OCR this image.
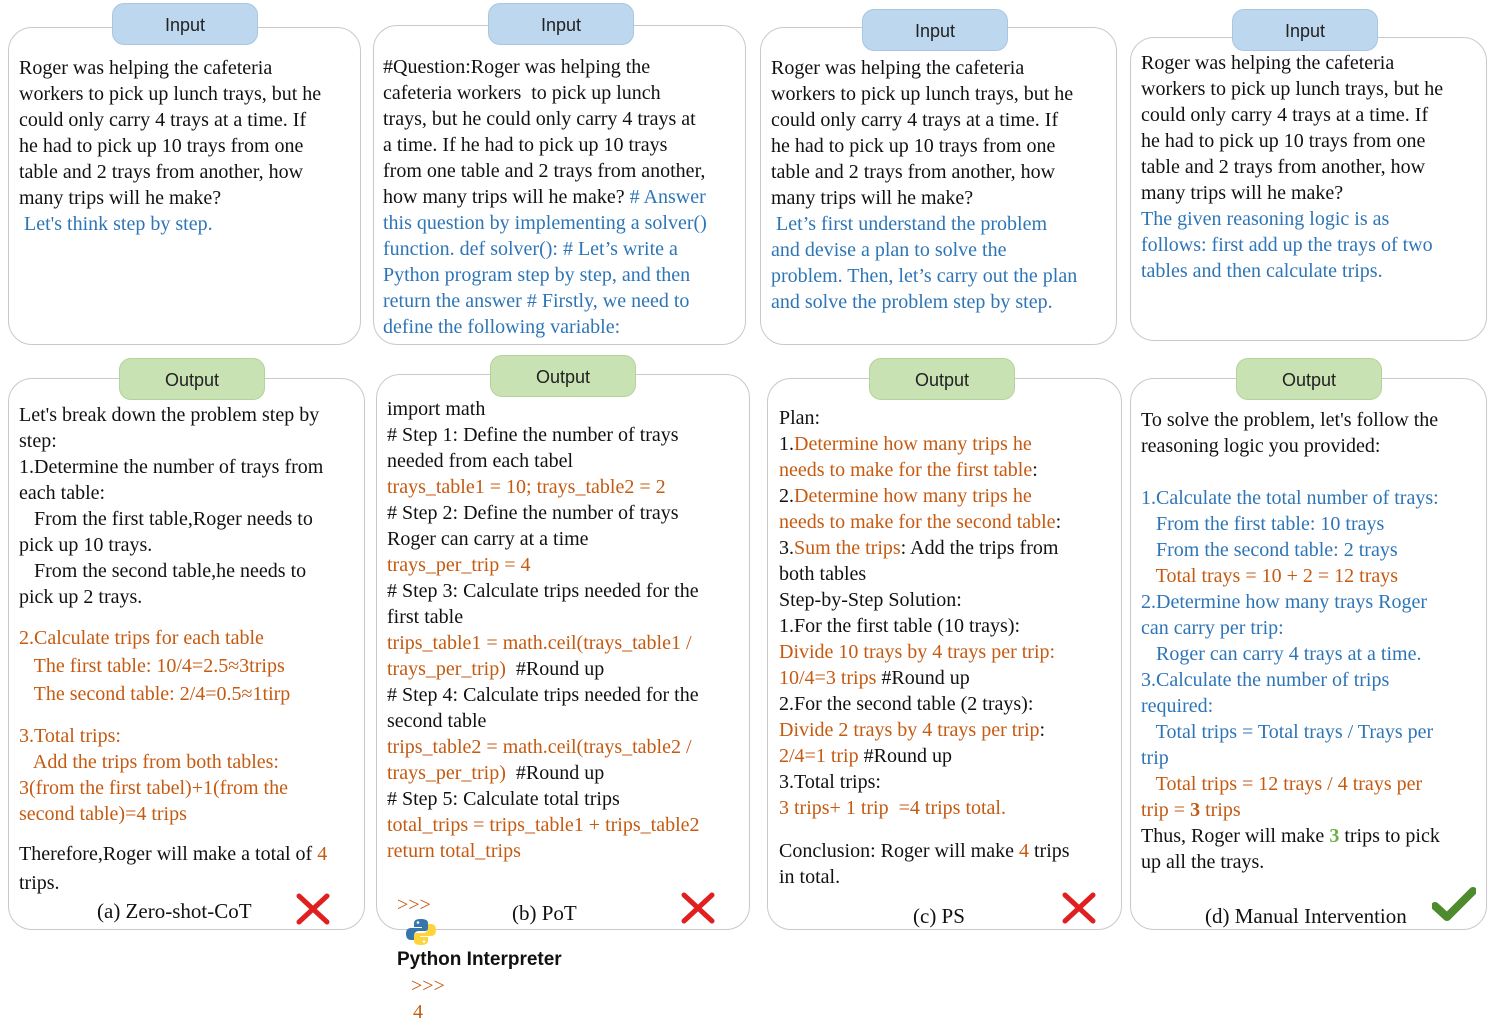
Input	Input	Input	Input
Output	Output	Output	Output
Roger was helping the cafeteria
workers to pick up lunch trays, but he
could only carry 4 trays at a time. If
he had to pick up 10 trays from one
table and 2 trays from another, how
many trips will he make?
Let's think step by step.
#Question:Roger was helping the
cafeteria workers  to pick up lunch
trays, but he could only carry 4 trays at
a time. If he had to pick up 10 trays
from one table and 2 trays from another,
how many trips will he make? # Answer
this question by implementing a solver()
function. def solver(): # Let’s write a
Python program step by step, and then
return the answer # Firstly, we need to
define the following variable:
Roger was helping the cafeteria
workers to pick up lunch trays, but he
could only carry 4 trays at a time. If
he had to pick up 10 trays from one
table and 2 trays from another, how
many trips will he make?
Let’s first understand the problem
and devise a plan to solve the
problem. Then, let’s carry out the plan
and solve the problem step by step.
Roger was helping the cafeteria
workers to pick up lunch trays, but he
could only carry 4 trays at a time. If
he had to pick up 10 trays from one
table and 2 trays from another, how
many trips will he make?
The given reasoning logic is as
follows: first add up the trays of two
tables and then calculate trips.
Let's break down the problem step by
step:
1.Determine the number of trays from
each table:
From the first table,Roger needs to
pick up 10 trays.
From the second table,he needs to
pick up 2 trays.
2.Calculate trips for each table
The first table: 10/4=2.5≈3trips
The second table: 2/4=0.5≈1tirp
3.Total trips:
Add the trips from both tables:
3(from the first tabel)+1(from the
second table)=4 trips
Therefore,Roger will make a total of 4
trips.
import math
# Step 1: Define the number of trays
needed from each tabel
trays_table1 = 10; trays_table2 = 2
# Step 2: Define the number of trays
Roger can carry at a time
trays_per_trip = 4
# Step 3: Calculate trips needed for the
first table
trips_table1 = math.ceil(trays_table1 /
trays_per_trip)  #Round up
# Step 4: Calculate trips needed for the
second table
trips_table2 = math.ceil(trays_table2 /
trays_per_trip)  #Round up
# Step 5: Calculate total trips
total_trips = trips_table1 + trips_table2
return total_trips
Plan:
1.Determine how many trips he
needs to make for the first table:
2.Determine how many trips he
needs to make for the second table:
3.Sum the trips: Add the trips from
both tables
Step-by-Step Solution:
1.For the first table (10 trays):
Divide 10 trays by 4 trays per trip:
10/4=3 trips #Round up
2.For the second table (2 trays):
Divide 2 trays by 4 trays per trip:
2/4=1 trip #Round up
3.Total trips:
3 trips+ 1 trip  =4 trips total.
Conclusion: Roger will make 4 trips
in total.
To solve the problem, let's follow the
reasoning logic you provided:
1.Calculate the total number of trays:
From the first table: 10 trays
From the second table: 2 trays
Total trays = 10 + 2 = 12 trays
2.Determine how many trays Roger
can carry per trip:
Roger can carry 4 trays at a time.
3.Calculate the number of trips
required:
Total trips = Total trays / Trays per
trip
Total trips = 12 trays / 4 trays per
trip = 3 trips
Thus, Roger will make 3 trips to pick
up all the trays.

>>>

Python Interpreter
>>>
4

(a) Zero-shot-CoT	(b) PoT	(c) PS	(d) Manual Intervention
